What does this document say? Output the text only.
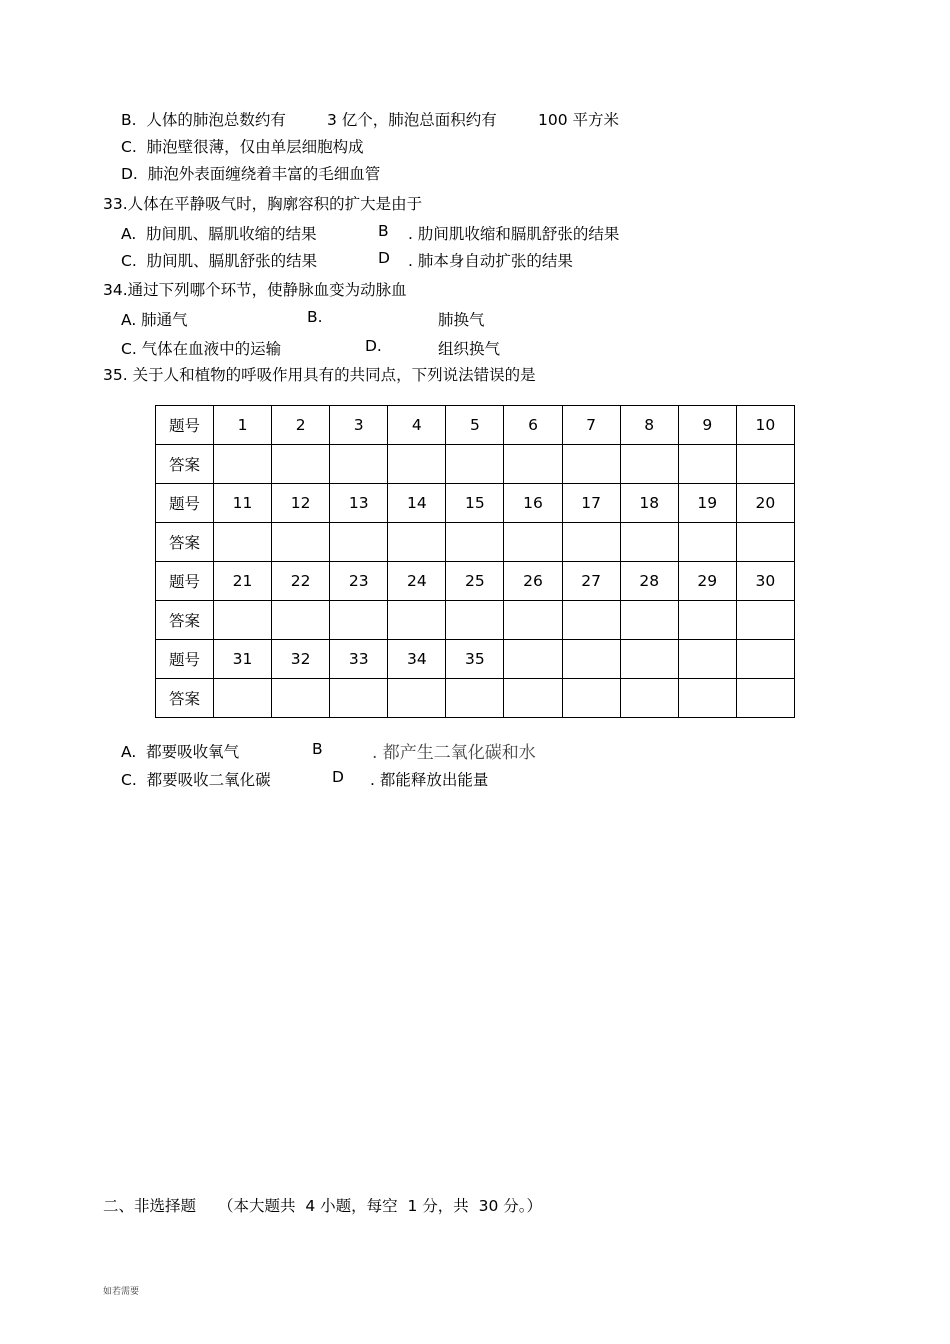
B.  人体的肺泡总数约有	3 亿个，肺泡总面积约有	100 平方米
C.  肺泡壁很薄，仅由单层细胞构成
D.  肺泡外表面缠绕着丰富的毛细血管
33.人体在平静吸气时，胸廓容积的扩大是由于
A.  肋间肌、膈肌收缩的结果	B . 肋间肌收缩和膈肌舒张的结果
C.  肋间肌、膈肌舒张的结果	D . 肺本身自动扩张的结果
34.通过下列哪个环节，使静脉血变为动脉血
A. 肺通气	B.	肺换气
C. 气体在血液中的运输	D.	组织换气
35. 关于人和植物的呼吸作用具有的共同点，下列说法错误的是
题号	1	2	3	4	5	6	7	8	9	10
答案										
题号	11	12	13	14	15	16	17	18	19	20
答案										
题号	21	22	23	24	25	26	27	28	29	30
答案										
题号	31	32	33	34	35					
答案										
A.  都要吸收氧气	B	. 都产生二氧化碳和水
C.  都要吸收二氧化碳	D . 都能释放出能量
二、非选择题 （本大题共  4 小题，每空  1 分，共  30 分。）
如若需要
